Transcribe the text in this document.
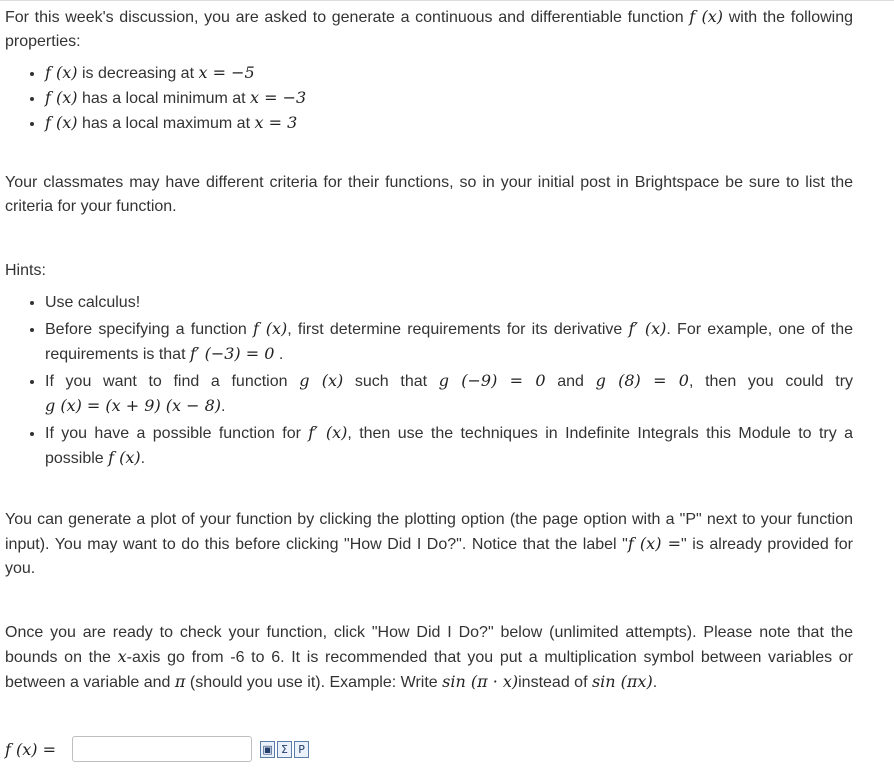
For this week's discussion, you are asked to generate a continuous and differentiable function f (x) with the following properties:

• f (x) is decreasing at x = −5
• f (x) has a local minimum at x = −3
• f (x) has a local maximum at x = 3

Your classmates may have different criteria for their functions, so in your initial post in Brightspace be sure to list the criteria for your function.

Hints:

• Use calculus!
• Before specifying a function f (x), first determine requirements for its derivative f′ (x). For example, one of the requirements is that f′ (−3) = 0 .
• If you want to find a function g (x) such that g (−9) = 0 and g (8) = 0, then you could try g (x) = (x + 9) (x − 8).
• If you have a possible function for f′ (x), then use the techniques in Indefinite Integrals this Module to try a possible f (x).

You can generate a plot of your function by clicking the plotting option (the page option with a "P" next to your function input). You may want to do this before clicking "How Did I Do?". Notice that the label "f (x) =" is already provided for you.

Once you are ready to check your function, click "How Did I Do?" below (unlimited attempts). Please note that the bounds on the x-axis go from -6 to 6. It is recommended that you put a multiplication symbol between variables or between a variable and π (should you use it). Example: Write sin (π · x)instead of sin (πx).

f (x) =	▣ Σ P
